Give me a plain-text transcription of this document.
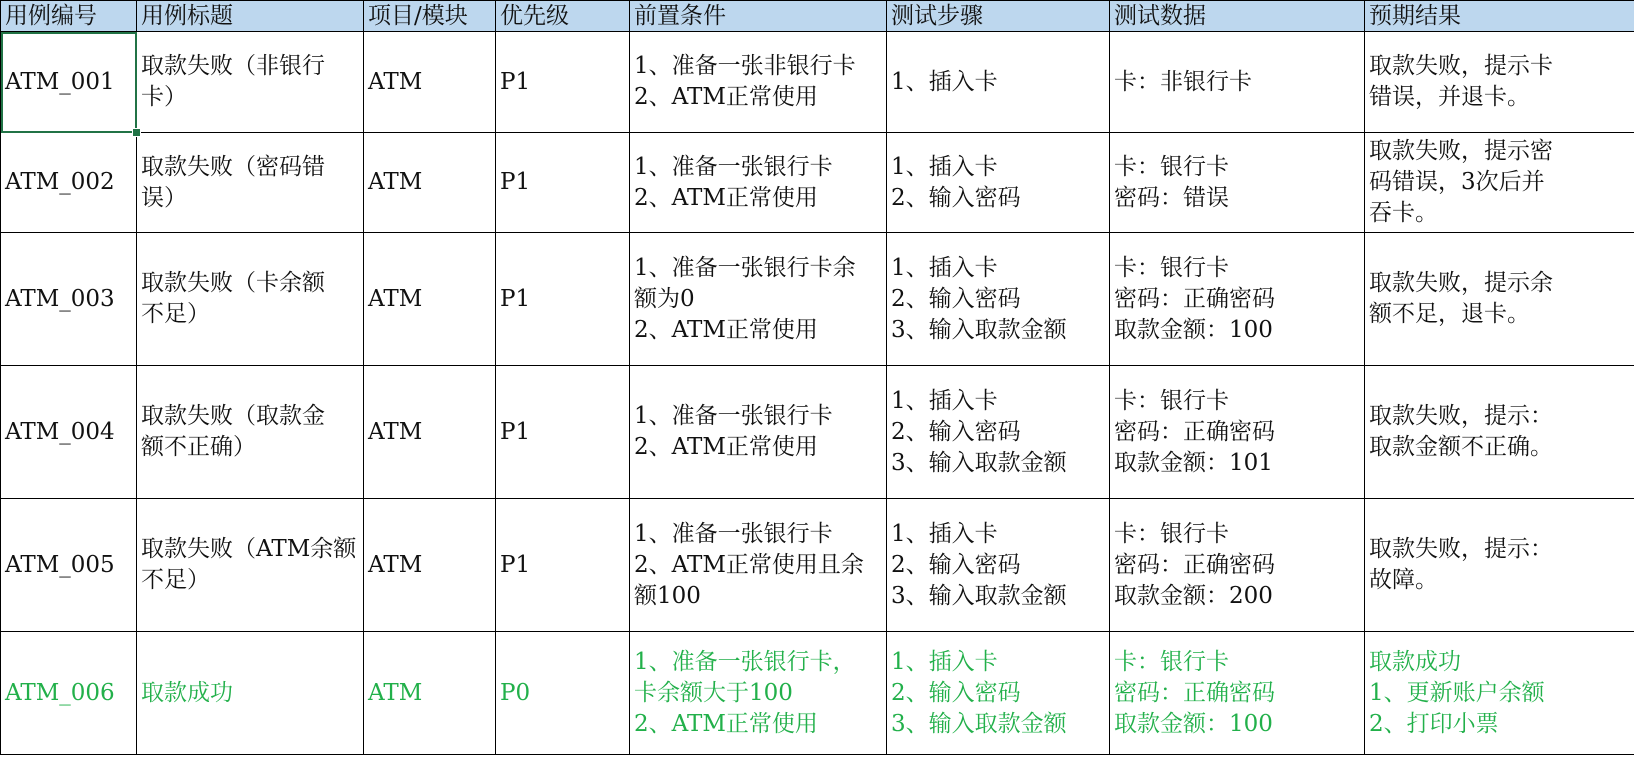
用例编号	用例标题	项目/模块	优先级	前置条件	测试步骤	测试数据	预期结果
ATM_001	取款失败（非银行
卡）	ATM	P1	1、准备一张非银行卡
2、ATM正常使用	1、插入卡	卡：非银行卡	取款失败，提示卡
错误，并退卡。
ATM_002	取款失败（密码错
误）	ATM	P1	1、准备一张银行卡
2、ATM正常使用	1、插入卡
2、输入密码	卡：银行卡
密码：错误	取款失败，提示密
码错误，3次后并
吞卡。
ATM_003	取款失败（卡余额
不足）	ATM	P1	1、准备一张银行卡余
额为0
2、ATM正常使用	1、插入卡
2、输入密码
3、输入取款金额	卡：银行卡
密码：正确密码
取款金额：100	取款失败，提示余
额不足，退卡。
ATM_004	取款失败（取款金
额不正确）	ATM	P1	1、准备一张银行卡
2、ATM正常使用	1、插入卡
2、输入密码
3、输入取款金额	卡：银行卡
密码：正确密码
取款金额：101	取款失败，提示：
取款金额不正确。
ATM_005	取款失败（ATM余额
不足）	ATM	P1	1、准备一张银行卡
2、ATM正常使用且余
额100	1、插入卡
2、输入密码
3、输入取款金额	卡：银行卡
密码：正确密码
取款金额：200	取款失败，提示：
故障。
ATM_006	取款成功	ATM	P0	1、准备一张银行卡，
卡余额大于100
2、ATM正常使用	1、插入卡
2、输入密码
3、输入取款金额	卡：银行卡
密码：正确密码
取款金额：100	取款成功
1、更新账户余额
2、打印小票
